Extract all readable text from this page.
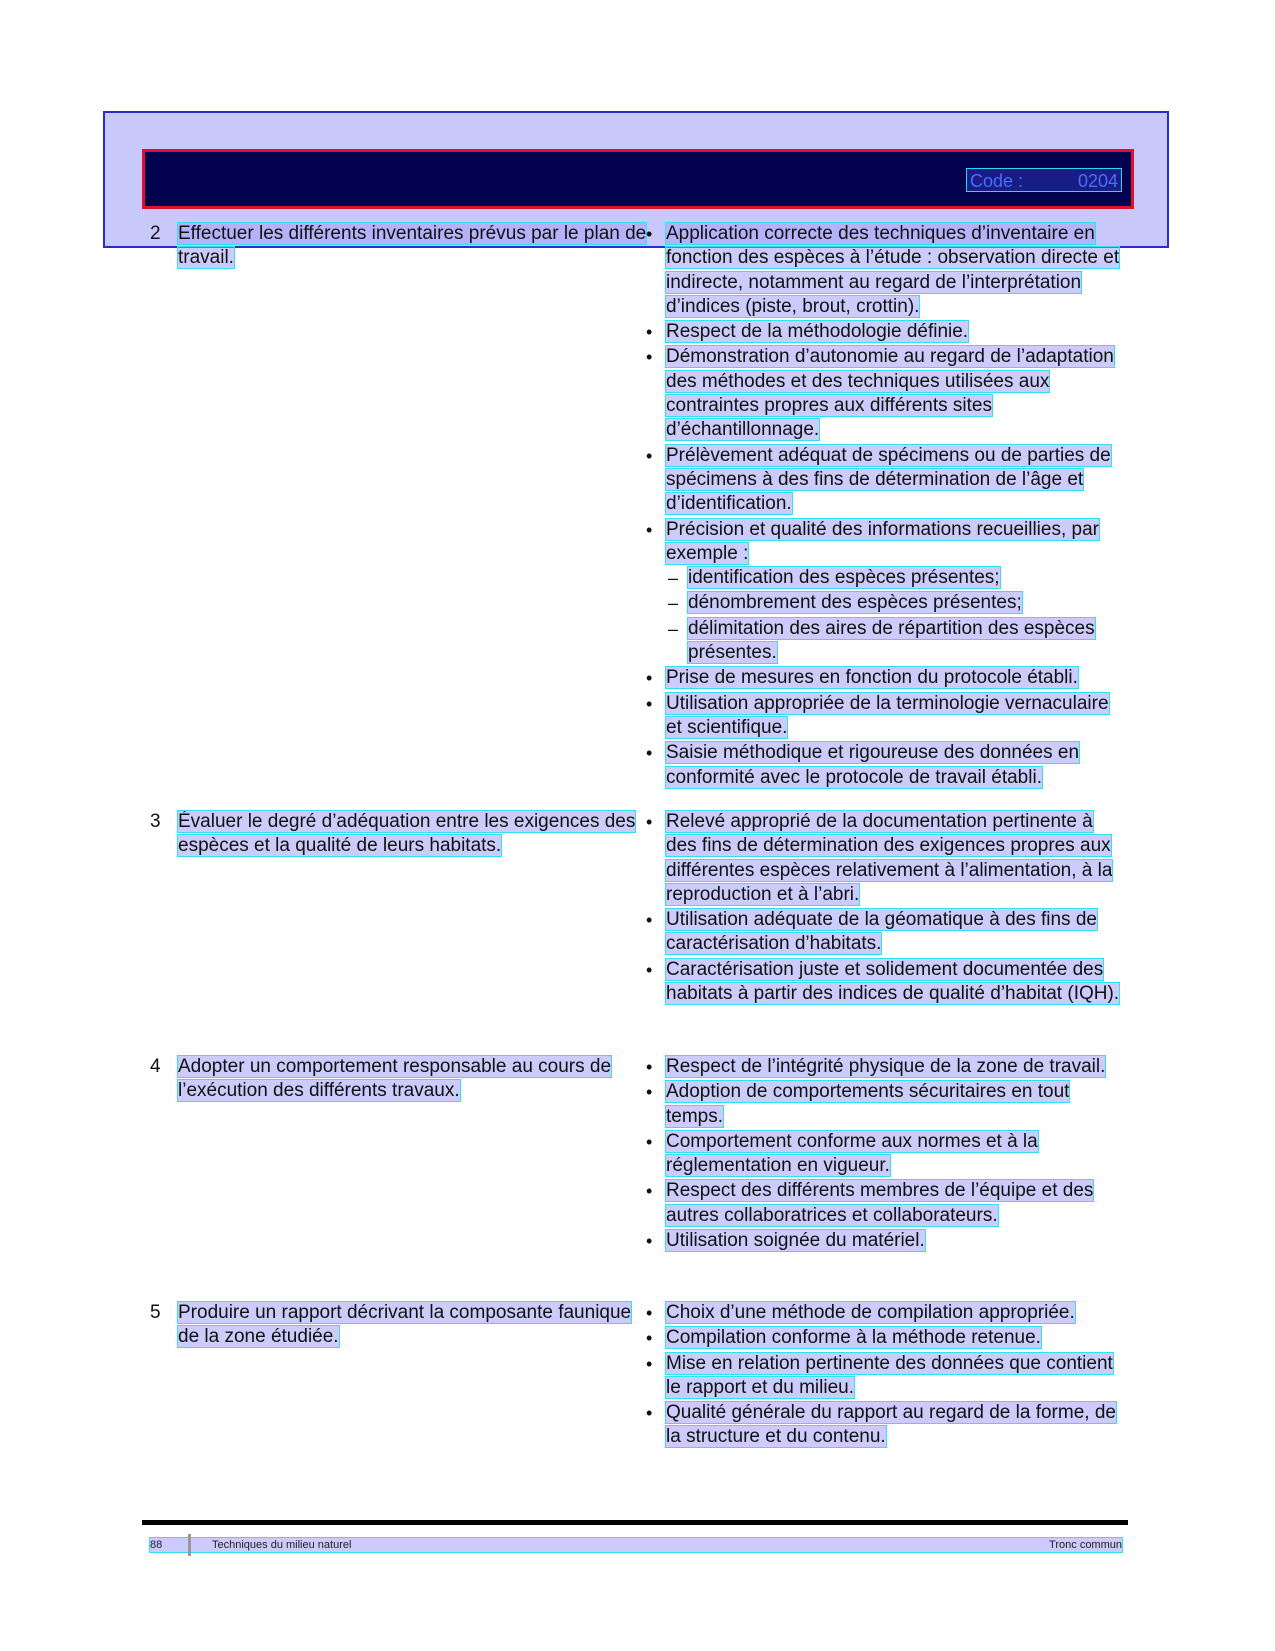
Code :	0204
2 Effectuer les différents inventaires prévus par le plan de travail.
• Application correcte des techniques d’inventaire en fonction des espèces à l’étude : observation directe et indirecte, notamment au regard de l’interprétation d’indices (piste, brout, crottin).
• Respect de la méthodologie définie.
• Démonstration d’autonomie au regard de l’adaptation des méthodes et des techniques utilisées aux contraintes propres aux différents sites d’échantillonnage.
• Prélèvement adéquat de spécimens ou de parties de spécimens à des fins de détermination de l’âge et d’identification.
• Précision et qualité des informations recueillies, par exemple :
– identification des espèces présentes;
– dénombrement des espèces présentes;
– délimitation des aires de répartition des espèces présentes.
• Prise de mesures en fonction du protocole établi.
• Utilisation appropriée de la terminologie vernaculaire et scientifique.
• Saisie méthodique et rigoureuse des données en conformité avec le protocole de travail établi.
3 Évaluer le degré d’adéquation entre les exigences des espèces et la qualité de leurs habitats.
• Relevé approprié de la documentation pertinente à des fins de détermination des exigences propres aux différentes espèces relativement à l’alimentation, à la reproduction et à l’abri.
• Utilisation adéquate de la géomatique à des fins de caractérisation d’habitats.
• Caractérisation juste et solidement documentée des habitats à partir des indices de qualité d’habitat (IQH).
4 Adopter un comportement responsable au cours de l’exécution des différents travaux.
• Respect de l’intégrité physique de la zone de travail.
• Adoption de comportements sécuritaires en tout temps.
• Comportement conforme aux normes et à la réglementation en vigueur.
• Respect des différents membres de l’équipe et des autres collaboratrices et collaborateurs.
• Utilisation soignée du matériel.
5 Produire un rapport décrivant la composante faunique de la zone étudiée.
• Choix d’une méthode de compilation appropriée.
• Compilation conforme à la méthode retenue.
• Mise en relation pertinente des données que contient le rapport et du milieu.
• Qualité générale du rapport au regard de la forme, de la structure et du contenu.
88	Techniques du milieu naturel	Tronc commun
